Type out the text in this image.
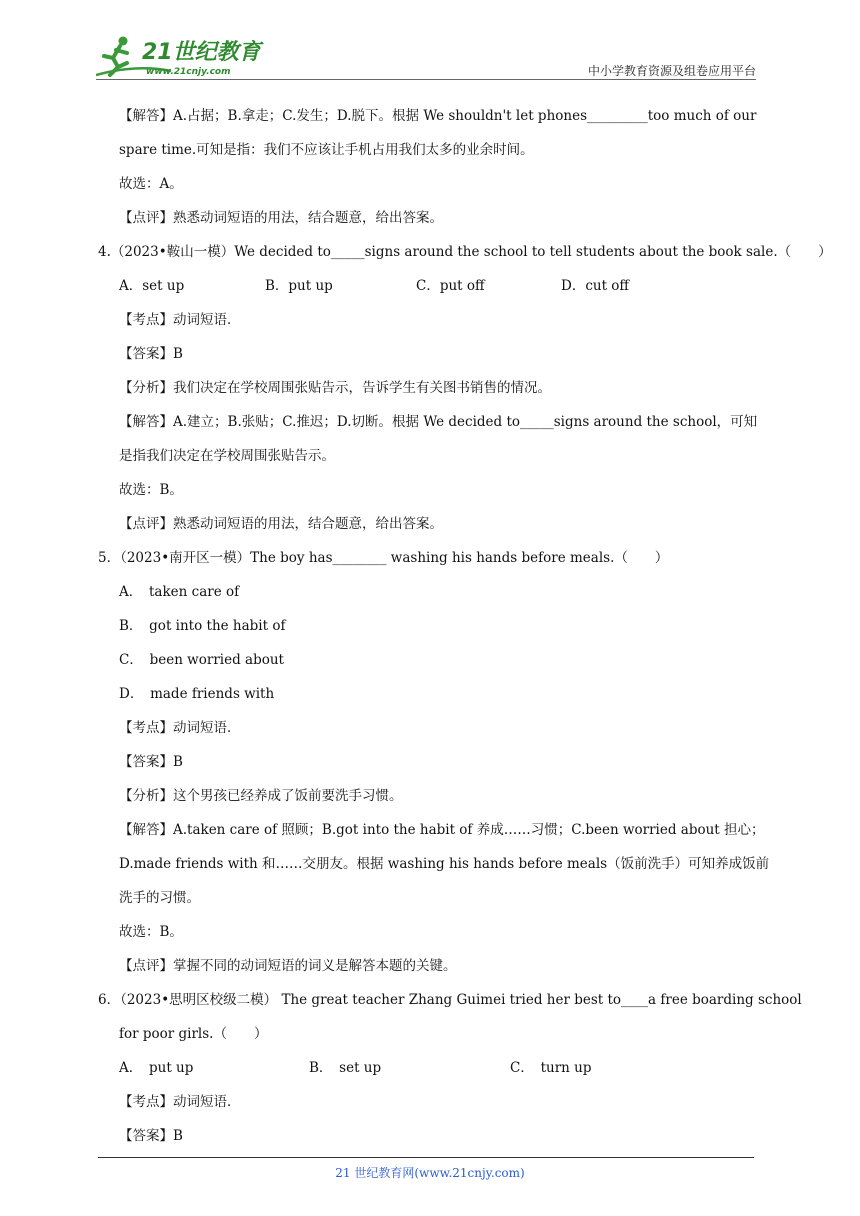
21世纪教育
www.21cnjy.com	中小学教育资源及组卷应用平台
【解答】A.占据；B.拿走；C.发生；D.脱下。根据 We shouldn't let phones_________too much of our
spare time.可知是指：我们不应该让手机占用我们太多的业余时间。
故选：A。
【点评】熟悉动词短语的用法，结合题意，给出答案。
4.（2023•鞍山一模）We decided to_____signs around the school to tell students about the book sale.（　　）
A．set up	B．put up	C．put off	D．cut off
【考点】动词短语．
【答案】B
【分析】我们决定在学校周围张贴告示，告诉学生有关图书销售的情况。
【解答】A.建立；B.张贴；C.推迟；D.切断。根据 We decided to_____signs around the school，可知
是指我们决定在学校周围张贴告示。
故选：B。
【点评】熟悉动词短语的用法，结合题意，给出答案。
5．（2023•南开区一模）The boy has________ washing his hands before meals.（　　）
A．　taken care of
B．　got into the habit of
C．　been worried about
D．　made friends with
【考点】动词短语．
【答案】B
【分析】这个男孩已经养成了饭前要洗手习惯。
【解答】A.taken care of 照顾；B.got into the habit of 养成……习惯；C.been worried about 担心；
D.made friends with 和……交朋友。根据 washing his hands before meals（饭前洗手）可知养成饭前
洗手的习惯。
故选：B。
【点评】掌握不同的动词短语的词义是解答本题的关键。
6．（2023•思明区校级二模） The great teacher Zhang Guimei tried her best to____a free boarding school
for poor girls.（　　）
A．　put up	B．　set up	C．　turn up
【考点】动词短语．
【答案】B
21 世纪教育网(www.21cnjy.com)
